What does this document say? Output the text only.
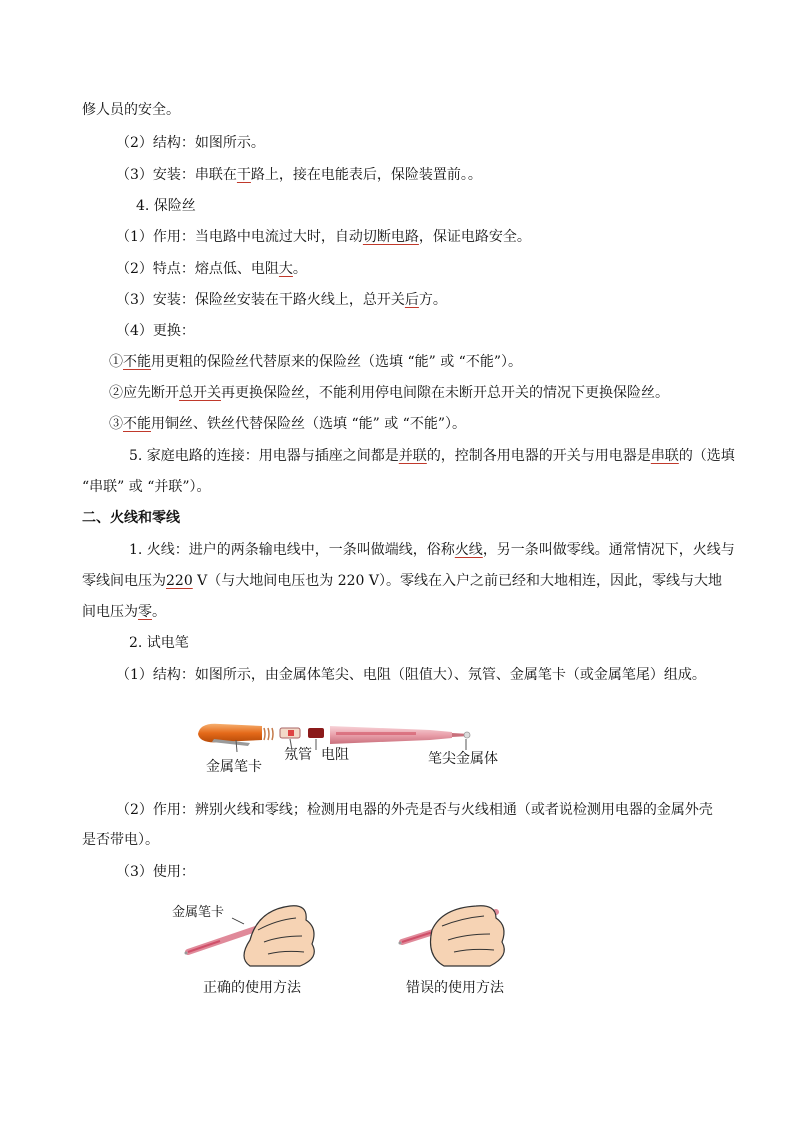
修人员的安全。
（2）结构：如图所示。
（3）安装：串联在干路上，接在电能表后，保险装置前。。
4. 保险丝
（1）作用：当电路中电流过大时，自动切断电路，保证电路安全。
（2）特点：熔点低、电阻大。
（3）安装：保险丝安装在干路火线上，总开关后方。
（4）更换：
①不能用更粗的保险丝代替原来的保险丝（选填 “能” 或 “不能”）。
②应先断开总开关再更换保险丝，不能利用停电间隙在未断开总开关的情况下更换保险丝。
③不能用铜丝、铁丝代替保险丝（选填 “能” 或 “不能”）。
5. 家庭电路的连接：用电器与插座之间都是并联的，控制各用电器的开关与用电器是串联的（选填
“串联” 或 “并联”）。
二、火线和零线
1. 火线：进户的两条输电线中，一条叫做端线，俗称火线，另一条叫做零线。通常情况下，火线与
零线间电压为220 V（与大地间电压也为 220 V）。零线在入户之前已经和大地相连，因此，零线与大地
间电压为零。
2. 试电笔
（1）结构：如图所示，由金属体笔尖、电阻（阻值大）、氖管、金属笔卡（或金属笔尾）组成。
金属笔卡
氖管 电阻	笔尖金属体
（2）作用：辨别火线和零线；检测用电器的外壳是否与火线相通（或者说检测用电器的金属外壳
是否带电）。
（3）使用：
金属笔卡
正确的使用方法	错误的使用方法
